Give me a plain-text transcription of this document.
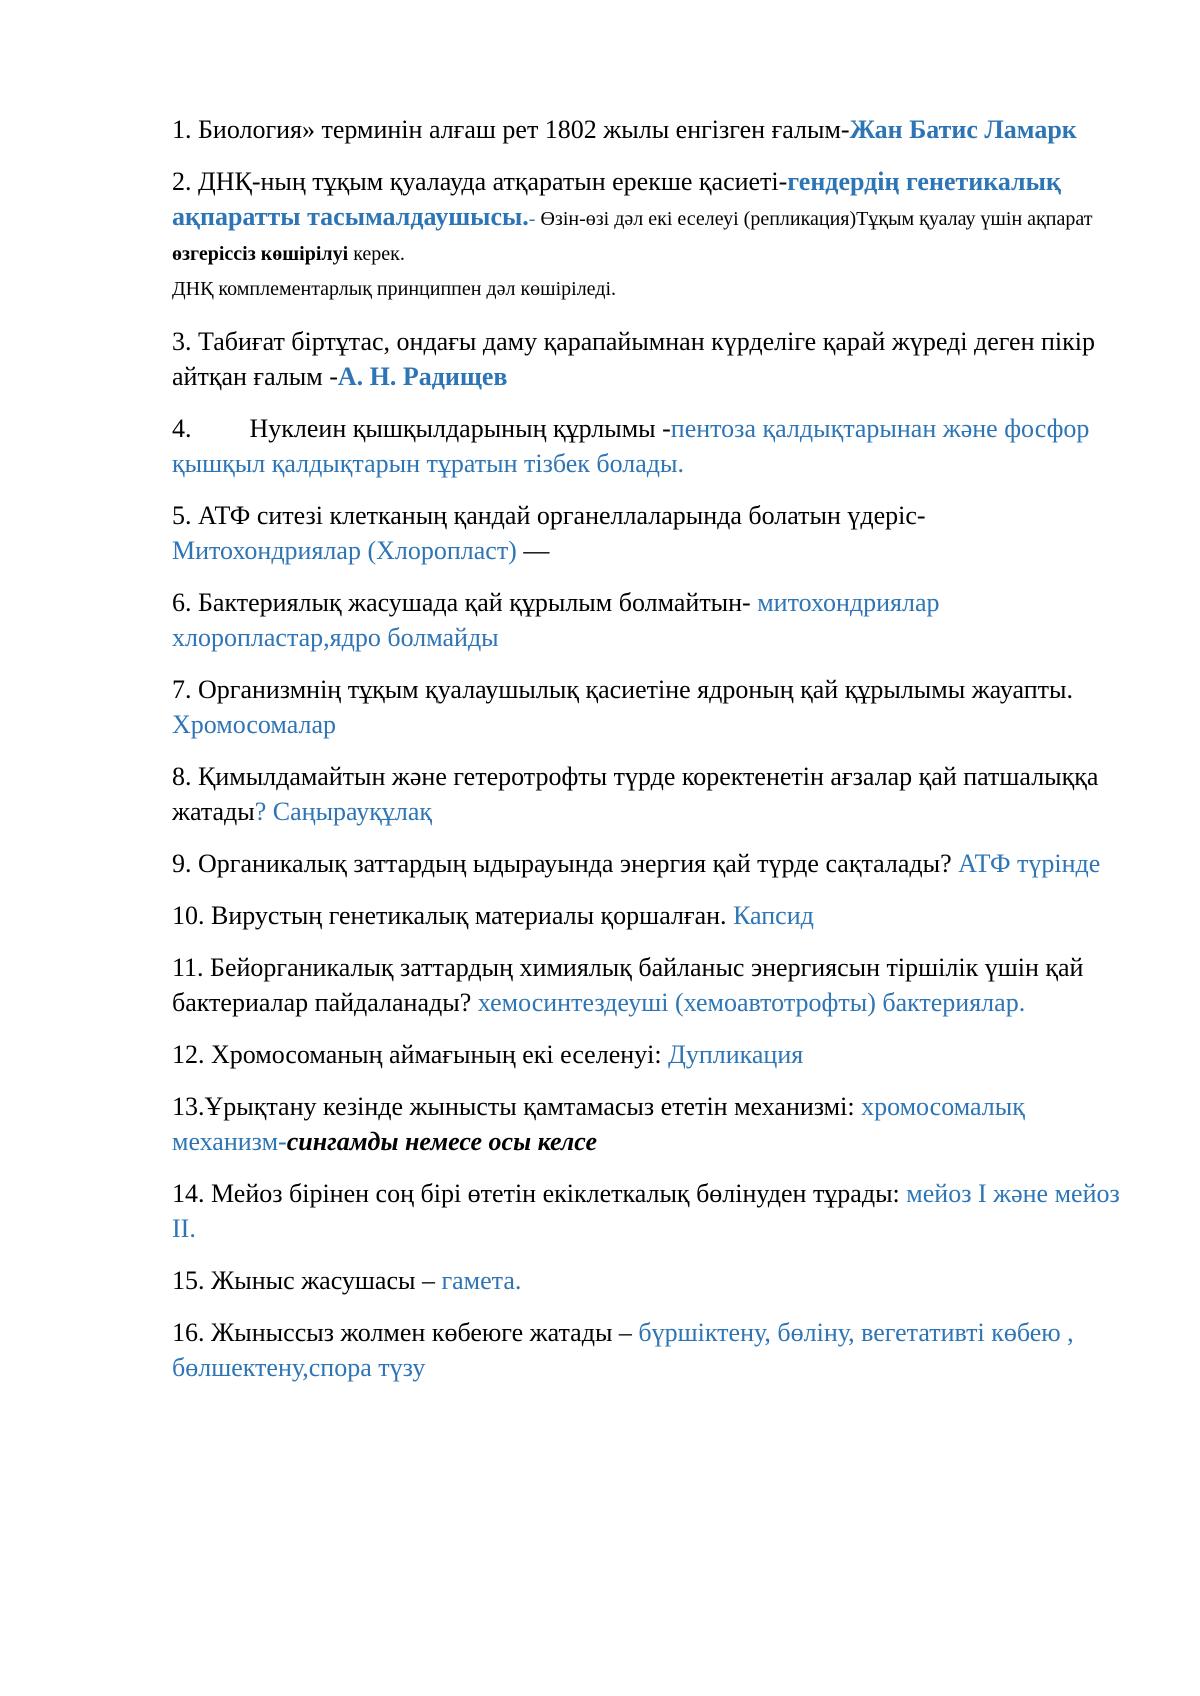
1. Биология» терминін алғаш рет 1802 жылы енгізген ғалым-Жан Батис Ламарк

2. ДНҚ-ның тұқым қуалауда атқаратын ерекше қасиеті-гендердің генетикалық ақпаратты тасымалдаушысы.- Өзін-өзі дәл екі еселеуі (репликация)Тұқым қуалау үшін ақпарат өзгеріссіз көшірілуі керек.
ДНҚ комплементарлық принциппен дәл көшіріледі.

3. Табиғат біртұтас, ондағы даму қарапайымнан күрделіге қарай жүреді деген пікір айтқан ғалым -А. Н. Радищев

4. Нуклеин қышқылдарының құрлымы -пентоза қалдықтарынан және фосфор қышқыл қалдықтарын тұратын тізбек болады.

5. АТФ ситезі клетканың қандай органеллаларында болатын үдеріс-
Митохондриялар (Хлоропласт) —

6. Бактериялық жасушада қай құрылым болмайтын- митохондриялар хлоропластар,ядро болмайды

7. Организмнің тұқым қуалаушылық қасиетіне ядроның қай құрылымы жауапты. Хромосомалар

8. Қимылдамайтын және гетеротрофты түрде коректенетін ағзалар қай патшалыққа жатады? Саңырауқұлақ

9. Органикалық заттардың ыдырауында энергия қай түрде сақталады? АТФ түрінде

10. Вирустың генетикалық материалы қоршалған. Капсид

11. Бейорганикалық заттардың химиялық байланыс энергиясын тіршілік үшін қай бактериалар пайдаланады? хемосинтездеуші (хемоавтотрофты) бактериялар.

12. Хромосоманың аймағының екі еселенуі: Дупликация

13.Ұрықтану кезінде жынысты қамтамасыз ететін механизмі: хромосомалық механизм-сингамды немесе осы келсе

14. Мейоз бірінен соң бірі өтетін екіклеткалық бөлінуден тұрады: мейоз I және мейоз II.

15. Жыныс жасушасы – гамета.

16. Жыныссыз жолмен көбеюге жатады – бүршіктену, бөліну, вегетативті көбею , бөлшектену,спора түзу
